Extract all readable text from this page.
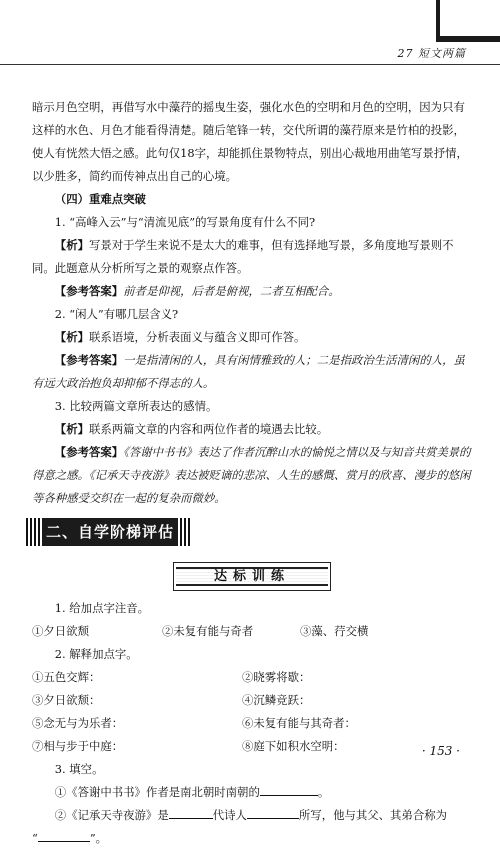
27 短文两篇

暗示月色空明，再借写水中藻荇的摇曳生姿，强化水色的空明和月色的空明，因为只有这样的水色、月色才能看得清楚。随后笔锋一转，交代所谓的藻荇原来是竹柏的投影，使人有恍然大悟之感。此句仅18字，却能抓住景物特点，别出心裁地用曲笔写景抒情，以少胜多，简约而传神点出自己的心境。

（四）重难点突破

1. “高峰入云”与“清流见底”的写景角度有什么不同?

【析】写景对于学生来说不是太大的难事，但有选择地写景，多角度地写景则不同。此题意从分析所写之景的观察点作答。

【参考答案】前者是仰视，后者是俯视，二者互相配合。

2. “闲人”有哪几层含义?

【析】联系语境，分析表面义与蕴含义即可作答。

【参考答案】一是指清闲的人，具有闲情雅致的人；二是指政治生活清闲的人，虽有远大政治抱负却抑郁不得志的人。

3. 比较两篇文章所表达的感情。

【析】联系两篇文章的内容和两位作者的境遇去比较。

【参考答案】《答谢中书书》表达了作者沉醉山水的愉悦之情以及与知音共赏美景的得意之感。《记承天寺夜游》表达被贬谪的悲凉、人生的感慨、赏月的欣喜、漫步的悠闲等各种感受交织在一起的复杂而微妙。

二、自学阶梯评估
达标训练

1. 给加点字注音。

①夕日欲颓	②未复有能与奇者	③藻、荇交横

2. 解释加点字。

①五色交辉：	②晓雾将歇：
③夕日欲颓：	④沉鳞竞跃：
⑤念无与为乐者：	⑥未复有能与其奇者：
⑦相与步于中庭：	⑧庭下如积水空明：

3. 填空。

①《答谢中书书》作者是南北朝时南朝的	。

②《记承天寺夜游》是	代诗人	所写，他与其父、其弟合称为

“	”。

· 153 ·
